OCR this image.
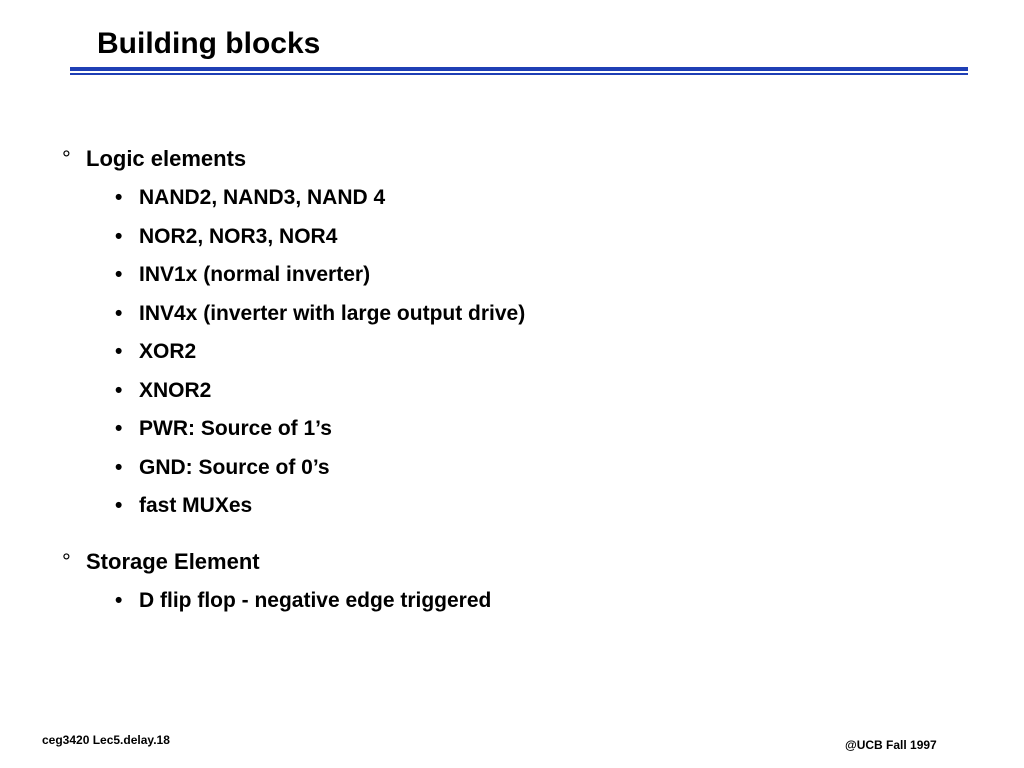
Building blocks
° Logic elements
• NAND2, NAND3, NAND 4
• NOR2, NOR3, NOR4
• INV1x (normal inverter)
• INV4x (inverter with large output drive)
• XOR2
• XNOR2
• PWR: Source of 1’s
• GND: Source of 0’s
• fast MUXes
° Storage Element
• D flip flop - negative edge triggered
ceg3420 Lec5.delay.18	@UCB Fall 1997
